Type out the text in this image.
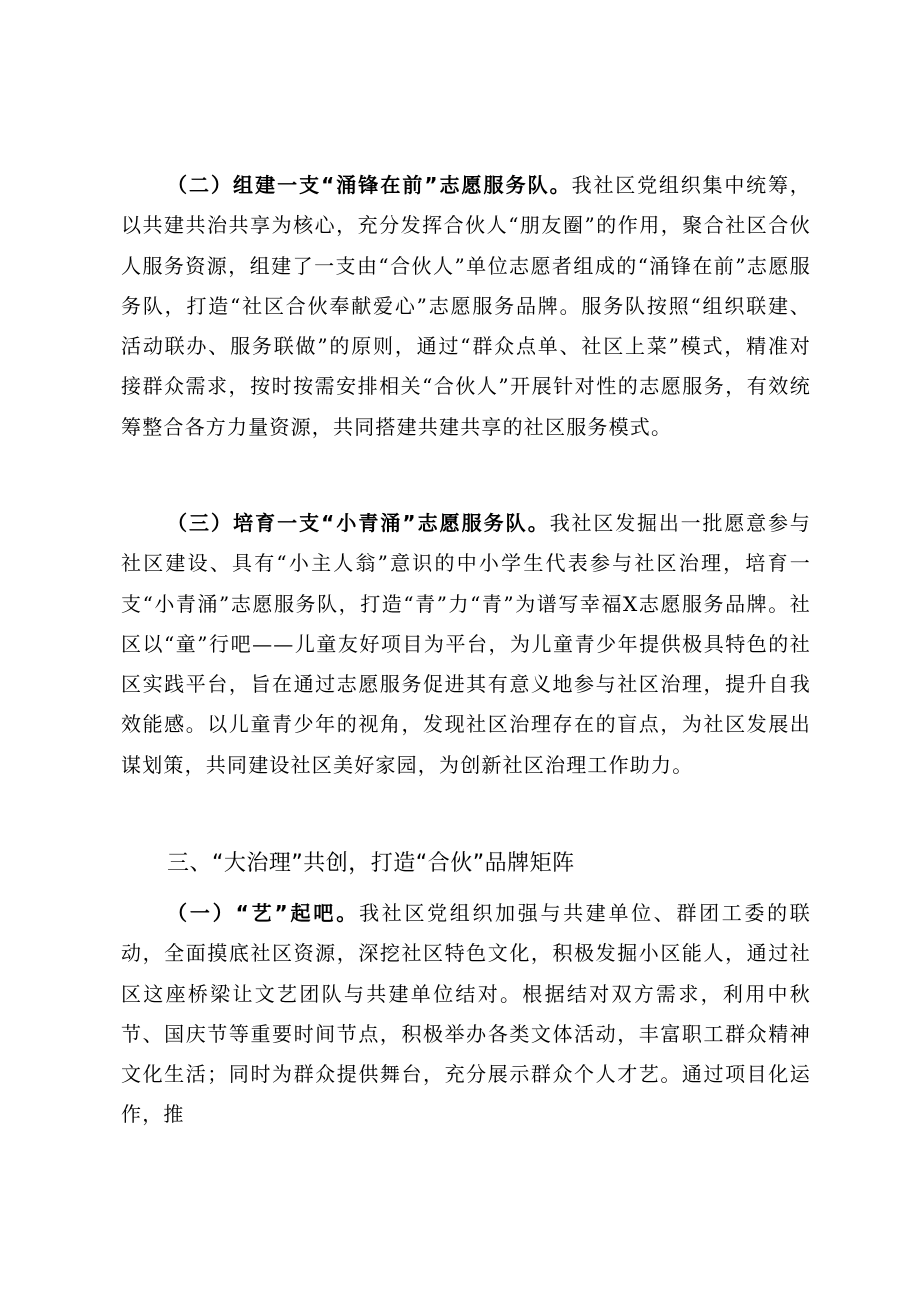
（二）组建一支“涌锋在前”志愿服务队。我社区党组织集中统筹，以共建共治共享为核心，充分发挥合伙人“朋友圈”的作用，聚合社区合伙人服务资源，组建了一支由“合伙人”单位志愿者组成的“涌锋在前”志愿服务队，打造“社区合伙奉献爱心”志愿服务品牌。服务队按照“组织联建、活动联办、服务联做”的原则，通过“群众点单、社区上菜”模式，精准对接群众需求，按时按需安排相关“合伙人”开展针对性的志愿服务，有效统筹整合各方力量资源，共同搭建共建共享的社区服务模式。

（三）培育一支“小青涌”志愿服务队。我社区发掘出一批愿意参与社区建设、具有“小主人翁”意识的中小学生代表参与社区治理，培育一支“小青涌”志愿服务队，打造“青”力“青”为谱写幸福X志愿服务品牌。社区以“童”行吧——儿童友好项目为平台，为儿童青少年提供极具特色的社区实践平台，旨在通过志愿服务促进其有意义地参与社区治理，提升自我效能感。以儿童青少年的视角，发现社区治理存在的盲点，为社区发展出谋划策，共同建设社区美好家园，为创新社区治理工作助力。

三、“大治理”共创，打造“合伙”品牌矩阵

（一）“艺”起吧。我社区党组织加强与共建单位、群团工委的联动，全面摸底社区资源，深挖社区特色文化，积极发掘小区能人，通过社区这座桥梁让文艺团队与共建单位结对。根据结对双方需求，利用中秋节、国庆节等重要时间节点，积极举办各类文体活动，丰富职工群众精神文化生活；同时为群众提供舞台，充分展示群众个人才艺。通过项目化运作，推
